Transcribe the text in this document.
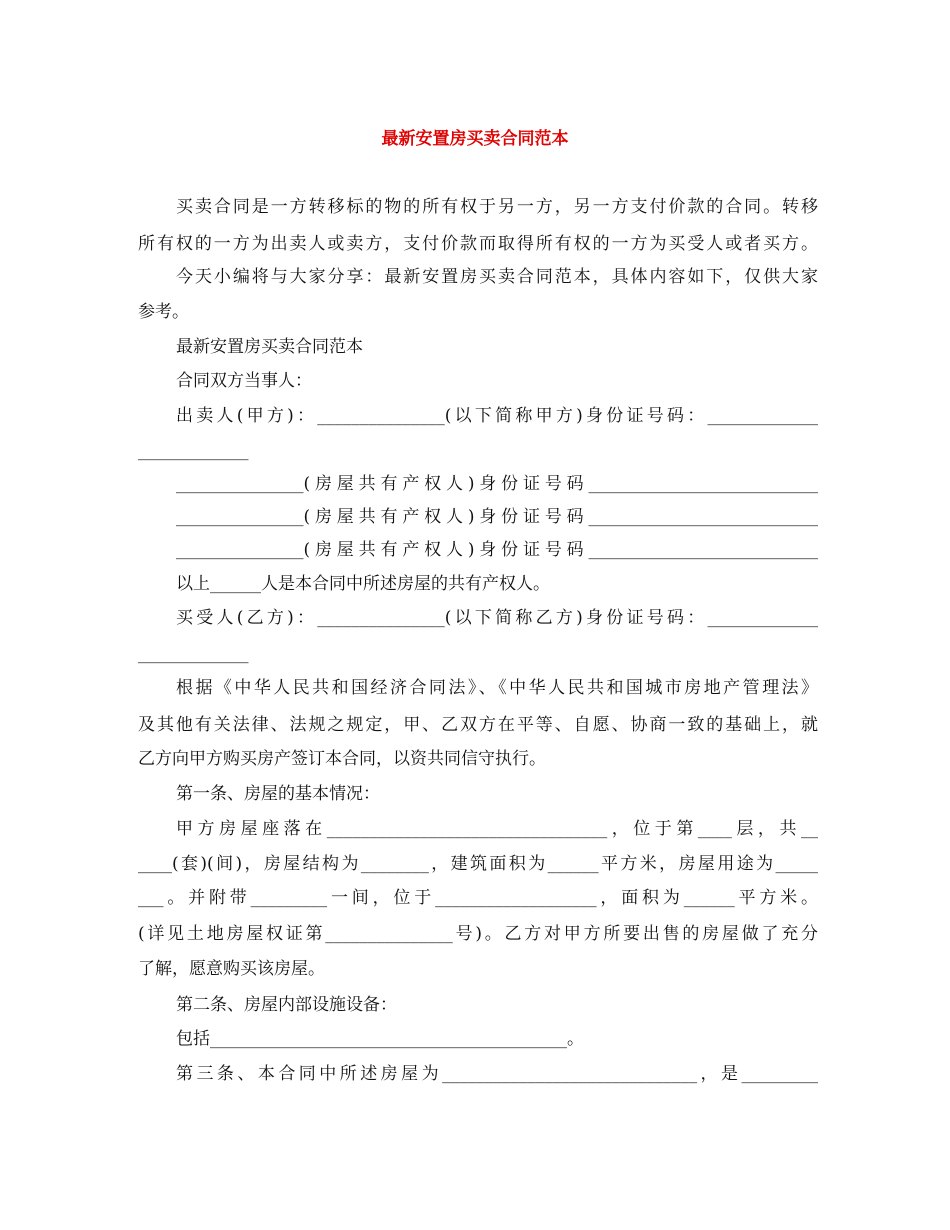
最新安置房买卖合同范本
买卖合同是一方转移标的物的所有权于另一方，另一方支付价款的合同。转移
所有权的一方为出卖人或卖方，支付价款而取得所有权的一方为买受人或者买方。
今天小编将与大家分享：最新安置房买卖合同范本，具体内容如下，仅供大家
参考。
最新安置房买卖合同范本
合同双方当事人：
出卖人(甲方)：_______________(以下简称甲方)身份证号码：_____________
_____________
_______________(房屋共有产权人)身份证号码___________________________
_______________(房屋共有产权人)身份证号码___________________________
_______________(房屋共有产权人)身份证号码___________________________
以上______人是本合同中所述房屋的共有产权人。
买受人(乙方)：_______________(以下简称乙方)身份证号码：_____________
_____________
根据《中华人民共和国经济合同法》、《中华人民共和国城市房地产管理法》
及其他有关法律、法规之规定，甲、乙双方在平等、自愿、协商一致的基础上，就
乙方向甲方购买房产签订本合同，以资共同信守执行。
第一条、房屋的基本情况：
甲方房屋座落在_________________________________，位于第____层，共__
____(套)(间)，房屋结构为________，建筑面积为______平方米，房屋用途为_____
___。并附带_________一间，位于___________________，面积为______平方米。
(详见土地房屋权证第_______________号)。乙方对甲方所要出售的房屋做了充分
了解，愿意购买该房屋。
第二条、房屋内部设施设备：
包括__________________________________________。
第三条、本合同中所述房屋为______________________________，是_________
